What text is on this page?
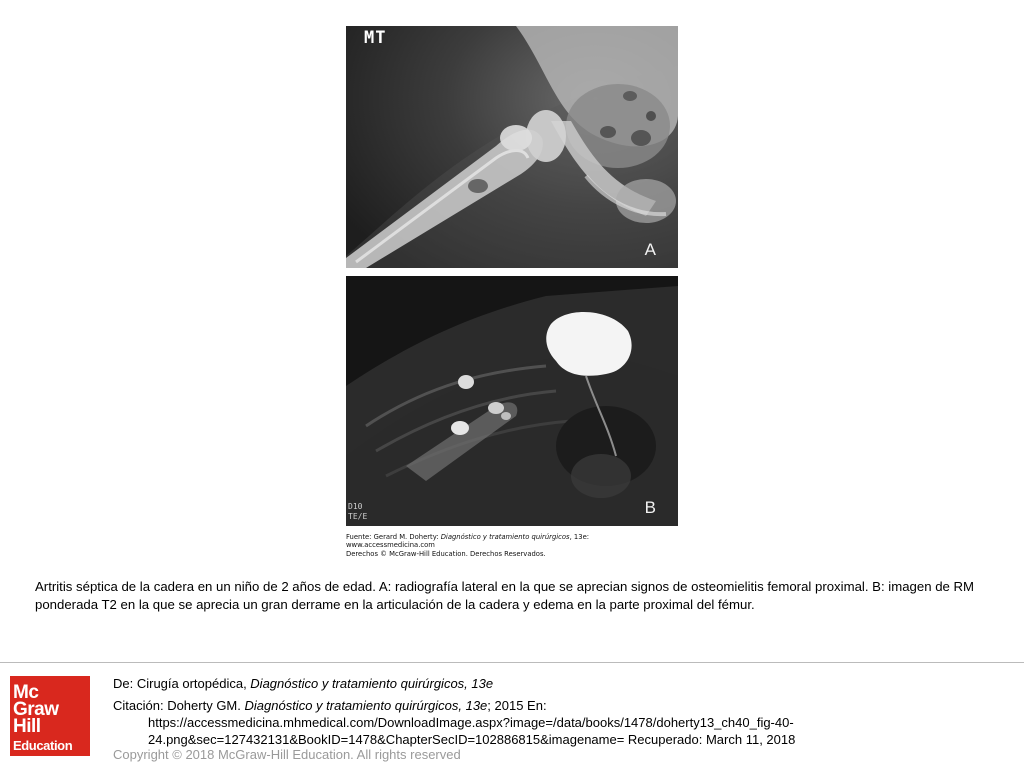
MT
A
D10
TE/E	B
Fuente: Gerard M. Doherty: Diagnóstico y tratamiento quirúrgicos, 13e:
www.accessmedicina.com
Derechos © McGraw-Hill Education. Derechos Reservados.
Artritis séptica de la cadera en un niño de 2 años de edad. A: radiografía lateral en la que se aprecian signos de osteomielitis femoral proximal. B: imagen de RM ponderada T2 en la que se aprecia un gran derrame en la articulación de la cadera y edema en la parte proximal del fémur.
Mc
Graw
Hill
Education
De: Cirugía ortopédica, Diagnóstico y tratamiento quirúrgicos, 13e
Citación: Doherty GM. Diagnóstico y tratamiento quirúrgicos, 13e; 2015 En:
https://accessmedicina.mhmedical.com/DownloadImage.aspx?image=/data/books/1478/doherty13_ch40_fig-40-24.png&sec=127432131&BookID=1478&ChapterSecID=102886815&imagename= Recuperado: March 11, 2018
Copyright © 2018 McGraw-Hill Education. All rights reserved
